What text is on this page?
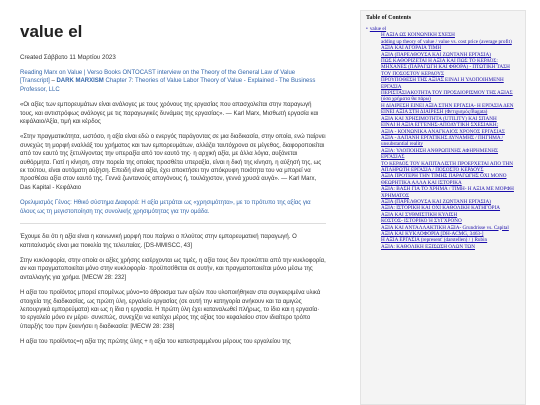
value el
Created Σάββατο 11 Μαρτίου 2023
Reading Marx on Value | Verso Books ONTOCAST interview on the Theory of the General Law of Value [Transcript] – DARK MARXISM Chapter 7: Theories of Value Labor Theory of Value - Explained - The Business Professor, LLC
«Οι αξίες των εμπορευμάτων είναι ανάλογες με τους χρόνους της εργασίας που απασχολείται στην παραγωγή τους, και αντιστρόφως ανάλογες με τις παραγωγικές δυνάμεις της εργασίας». — Karl Marx, Μισθωτή εργασία και κεφάλαιο/Αξία, τιμή και κέρδος
«Στην πραγματικότητα, ωστόσο, η αξία είναι εδώ ο ενεργός παράγοντας σε μια διαδικασία, στην οποία, ενώ παίρνει συνεχώς τη μορφή εναλλάξ του χρήματος και των εμπορευμάτων, αλλάζει ταυτόχρονα σε μέγεθος, διαφοροποιείται από τον εαυτό της ξετυλίγοντας την υπεραξία από τον εαυτό της· η αρχική αξία, με άλλα λόγια, αυξάνεται αυθόρμητα. Γιατί η κίνηση, στην πορεία της οποίας προσθέτει υπεραξία, είναι η δική της κίνηση, η αύξησή της, ως εκ τούτου, είναι αυτόματη αύξηση. Επειδή είναι αξία, έχει αποκτήσει την απόκρυφη ποιότητα του να μπορεί να προσθέσει αξία στον εαυτό της. Γεννά ζωντανούς απογόνους ή, τουλάχιστον, γεννά χρυσά αυγά». — Karl Marx, Das Kapital - Κεφάλαιο
Ορελιμισμός Γένος: Ηθικό σύστημα Διαφορά: Η αξία μετράται ως «χρησιμότητα», με το πρότυπο της αξίας για όλους ως τη μεγιστοποίηση της συνολικής χρησιμότητας για την ομάδα.
Έχουμε δει ότι η αξία είναι η κοινωνική μορφή που παίρνει ο πλούτος στην εμπορευματική παραγωγή. Ο καπιταλισμός είναι μια ποικιλία της τελευταίας. [DS-MMISCC, 43]
Στην κυκλοφορία, στην οποία οι αξίες χρήσης εισέρχονται ως τιμές, η αξία τους δεν προκύπτει από την κυκλοφορία, αν και πραγματοποιείται μόνο στην κυκλοφορία· προϋποτίθεται σε αυτήν, και πραγματοποιείται μόνο μέσω της ανταλλαγής για χρήμα. [MECW 28: 232]
Η αξία του προϊόντος μπορεί επομένως μόνο=το άθροισμα των αξιών που υλοποιήθηκαν στα συγκεκριμένα υλικά στοιχεία της διαδικασίας, ως πρώτη ύλη, εργαλείο εργασίας (σε αυτή την κατηγορία ανήκουν και τα αμιγώς λειτουργικά εμπορεύματα) και ως η ίδια η εργασία. Η πρώτη ύλη έχει καταναλωθεί πλήρως, το ίδιο και η εργασία· το εργαλείο μόνο εν μέρει· συνεπώς, συνεχίζει να κατέχει μέρος της αξίας του κεφαλαίου στον ιδιαίτερο τρόπο ύπαρξής του πριν ξεκινήσει η διαδικασία: [MECW 28: 238]
Η αξία του προϊόντος=η αξία της πρώτης ύλης + η αξία του κατεστραμμένου μέρους του εργαλείου της
Table of Contents
• value el
Η ΑΞΙΑ ΩΣ ΚΟΙΝΩΝΙΚΗ ΣΧΕΣΗ
adding up theory of value / value vs. cost price (average profit)
ΑΞΙΑ ΚΑΙ ΑΓΟΡΑΙΑ ΤΙΜΗ
ΑΞΙΑ (ΠΑΡΕΛΘΟΥΣΑ ΚΑΙ ΖΩΝΤΑΝΗ ΕΡΓΑΣΙΑ)
ΠΩΣ ΚΑΘΟΡΙΖΕΤΑΙ Η ΑΞΙΑ ΚΑΙ ΠΩΣ ΤΟ ΚΕΡΔΟΣ: ΜΗΧΑΝΕΣ (ΠΑΡΑΓΩΓΗ ΚΑΙ ΦΘΟΡΑ) - ΠΤΩΤΙΚΗ ΤΑΣΗ ΤΟΥ ΠΟΣΟΣΤΟΥ ΚΕΡΔΟΥΣ
ΠΡΟΥΠΟΘΕΣΗ ΤΗΣ ΑΞΙΑΣ ΕΙΝΑΙ Η ΥΛΟΠΟΙΗΜΕΝΗ ΕΡΓΑΣΙΑ
ΠΕΡΙΣΤΑΣΙΑΚΟΤΗΤΑ ΤΟΥ ΠΡΟΣΔΙΟΡΙΣΜΟΥ ΤΗΣ ΑΞΙΑΣ (όσα χρήματα θα πάρω)
Η ΔΙΑΙΡΕΣΗ ΕΙΝΕΙ ΑΞΙΑ ΣΤΗΝ ΕΡΓΑΣΙΑ- Η ΕΡΓΑΣΙΑ ΔΕΝ ΕΙΝΕΙ ΑΞΙΑ ΣΤΗ ΔΙΑΙΡΕΣΗ (Φετιχισμός/Bagata)
ΑΞΙΑ ΚΑΙ ΧΡΗΣΙΜΟΤΗΤΑ (UTILITY) ΚΑΙ ΣΠΑΝΗ
ΕΙΝΑΙ Η ΑΞΙΑ ΕΓΓΕΝΗΣ-ΑΠΟΔΥΤΙΚΗ ΣΧΕΣΙΑΚΗ;
ΑΞΙΑ - ΚΟΙΝΩΝΙΚΑ ΑΝΑΓΚΑΙΟΣ ΧΡΟΝΟΣ ΕΡΓΑΣΙΑΣ
ΑΞΙΑ - ΔΑΠΑΝΗ ΕΡΓΑΤΙΚΗΣ ΔΥΝΑΜΗΣ / ΠΗΓΗΜΑ / unsubstantial reality
ΑΞΙΑ: ΥΛΟΠΟΙΗΣΗ ΑΝΘΡΩΠΙΝΗΣ ΑΦΗΡΗΜΕΝΗΣ ΕΡΓΑΣΙΑΣ
ΤΟ ΚΕΡΔΟΣ ΤΟΥ ΚΑΠΙΤΑΛΙΣΤΗ ΠΡΟΕΡΧΕΤΑΙ ΑΠΟ ΤΗΝ ΑΠΛΗΡΩΤΗ ΕΡΓΑΣΙΑ / ΠΟΣΟΣΤΟ ΚΕΡΔΟΥΣ
ΑΞΙΑ ΠΡΟΤΕΡΗ ΤΗΝ ΤΙΜΗΣ ΠΑΡΑΓΩΓΗΣ ΟΧΙ ΜΟΝΟ ΘΕΩΡΗΤΙΚΑ ΑΛΛΑ ΚΑΙ ΙΣΤΟΡΙΚΑ
ΑΞΙΑ: ΒΑΣΗ ΓΙΑ ΤΟ ΧΡΗΜΑ / ΤΙΜΗ- Η ΑΞΙΑ ΜΕ ΜΟΡΦΗ ΧΡΗΜΑΤΟΣ
ΑΞΙΑ (ΠΑΡΕΛΘΟΥΣΑ ΚΑΙ ΖΩΝΤΑΝΗ ΕΡΓΑΣΙΑ)
ΑΞΙΑ: ΙΣΤΟΡΙΚΗ ΚΑΙ ΟΧΙ ΚΑΘΟΛΙΚΗ ΚΑΤΗΓΟΡΙΑ
ΑΞΙΑ ΚΑΙ ΣΥΘΜΙΣΤΙΚΗ ΚΥΛΙΣΗ
ΚΟΣΤΟΣ- ΙΣΤΟΡΙΚΟ Ή ΣΥΓΧΡΟΝΟ
ΑΞΙΑ ΚΑΙ ΑΝΤΑΛΛΑΚΤΙΚΗ ΑΞΙΑ- Grundrisse vs. Capital
ΑΞΙΑ ΚΑΙ ΚΥΚΛΟΦΟΡΙΑ [DH-ACMG, 3463-]
Η ΑΞΙΑ ΕΡΓΑΣΙΑ (represent' (darstellen) / ) Rubin
ΑΞΙΑ: ΚΑΘΟΛΙΚΗ ΕΞΙΣΩΣΗ ΟΛΩΝ ΤΩΝ
